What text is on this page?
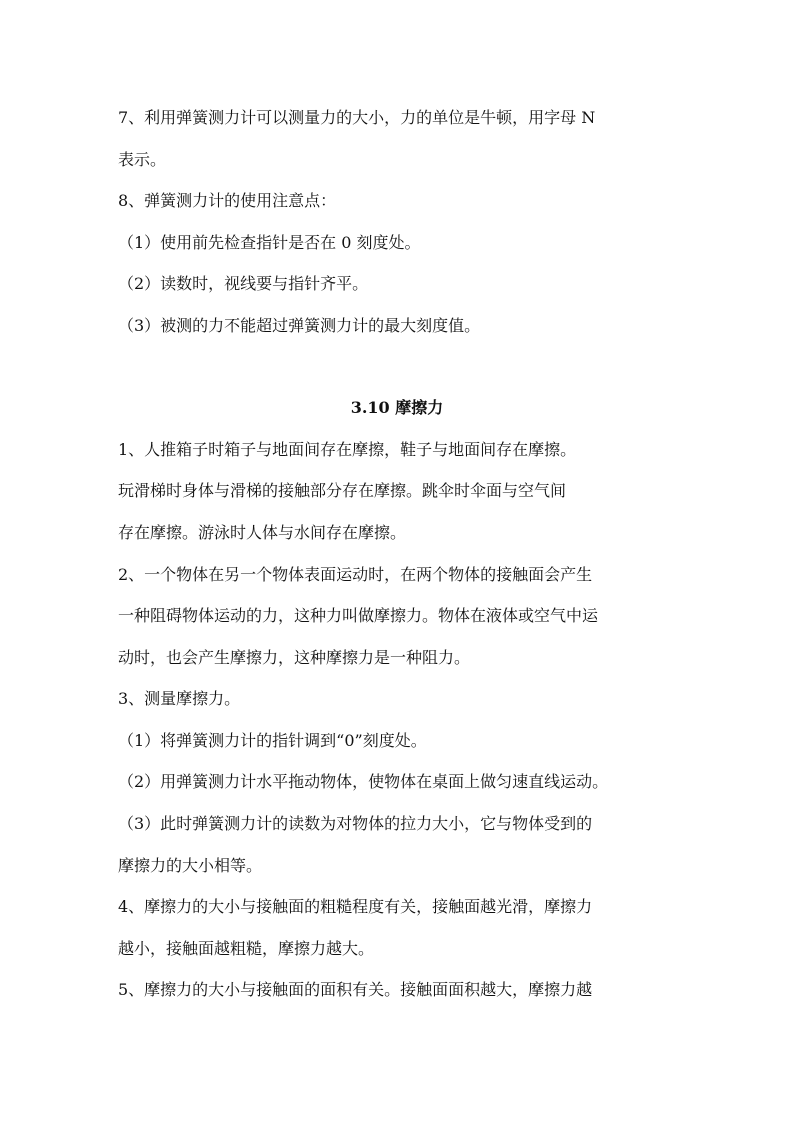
7、利用弹簧测力计可以测量力的大小，力的单位是牛顿，用字母 N
表示。
8、弹簧测力计的使用注意点：
（1）使用前先检查指针是否在 0 刻度处。
（2）读数时，视线要与指针齐平。
（3）被测的力不能超过弹簧测力计的最大刻度值。
3.10 摩擦力
1、人推箱子时箱子与地面间存在摩擦，鞋子与地面间存在摩擦。
玩滑梯时身体与滑梯的接触部分存在摩擦。跳伞时伞面与空气间
存在摩擦。游泳时人体与水间存在摩擦。
2、一个物体在另一个物体表面运动时，在两个物体的接触面会产生
一种阻碍物体运动的力，这种力叫做摩擦力。物体在液体或空气中运
动时，也会产生摩擦力，这种摩擦力是一种阻力。
3、测量摩擦力。
（1）将弹簧测力计的指针调到“0”刻度处。
（2）用弹簧测力计水平拖动物体，使物体在桌面上做匀速直线运动。
（3）此时弹簧测力计的读数为对物体的拉力大小，它与物体受到的
摩擦力的大小相等。
4、摩擦力的大小与接触面的粗糙程度有关，接触面越光滑，摩擦力
越小，接触面越粗糙，摩擦力越大。
5、摩擦力的大小与接触面的面积有关。接触面面积越大，摩擦力越
